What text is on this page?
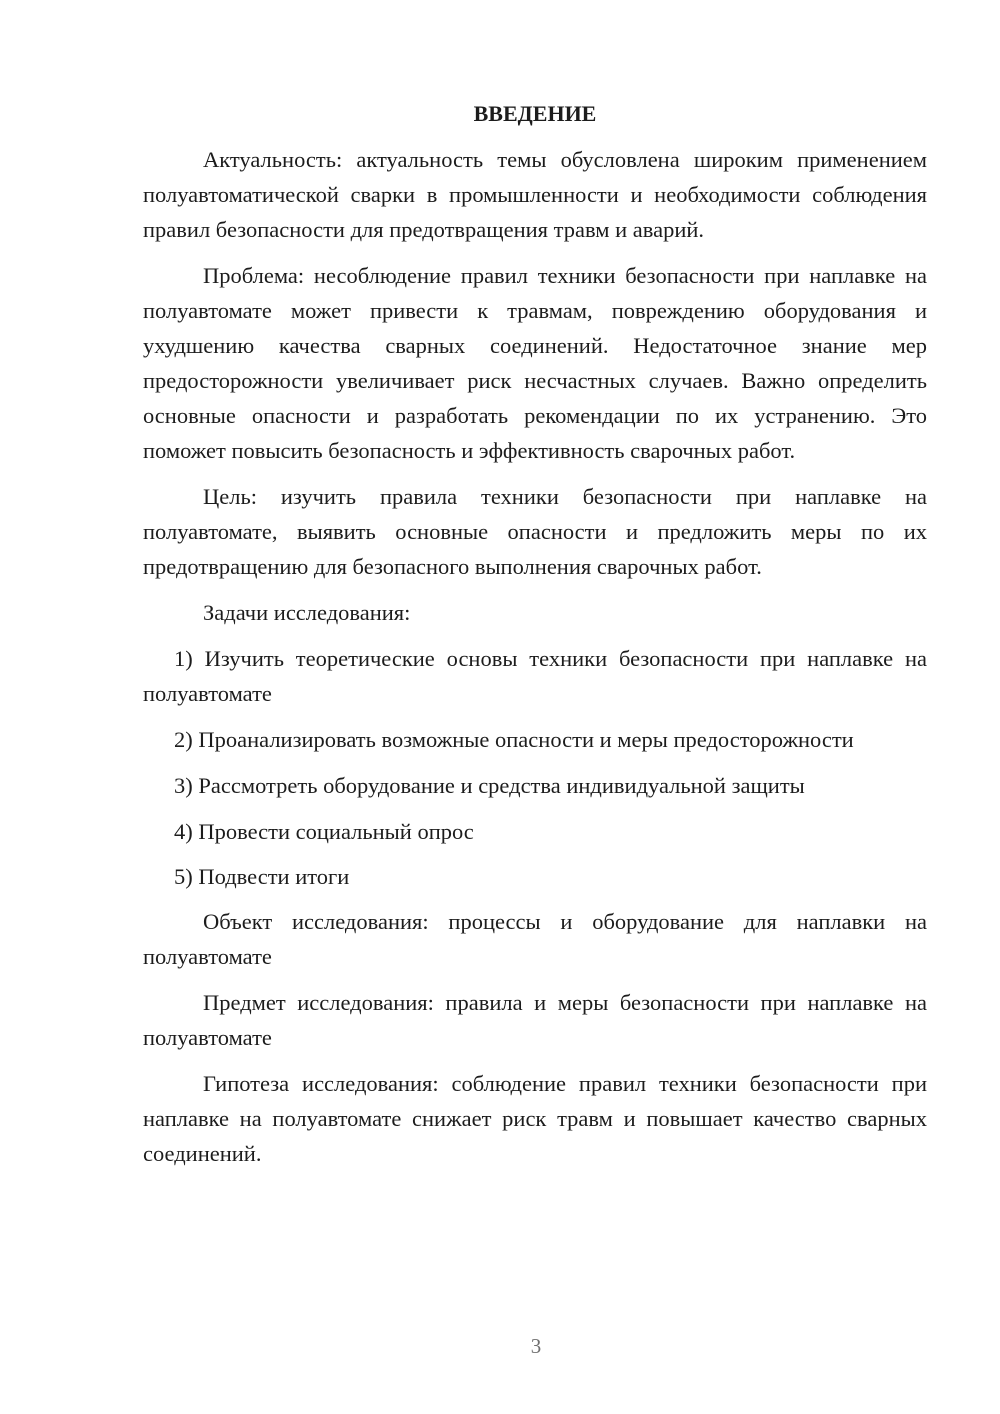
ВВЕДЕНИЕ

Актуальность: актуальность темы обусловлена широким применением полуавтоматической сварки в промышленности и необходимости соблюдения правил безопасности для предотвращения травм и аварий.

Проблема: несоблюдение правил техники безопасности при наплавке на полуавтомате может привести к травмам, повреждению оборудования и ухудшению качества сварных соединений. Недостаточное знание мер предосторожности увеличивает риск несчастных случаев. Важно определить основные опасности и разработать рекомендации по их устранению. Это поможет повысить безопасность и эффективность сварочных работ.

Цель: изучить правила техники безопасности при наплавке на полуавтомате, выявить основные опасности и предложить меры по их предотвращению для безопасного выполнения сварочных работ.

Задачи исследования:

1) Изучить теоретические основы техники безопасности при наплавке на полуавтомате

2) Проанализировать возможные опасности и меры предосторожности

3) Рассмотреть оборудование и средства индивидуальной защиты

4) Провести социальный опрос

5) Подвести итоги

Объект исследования: процессы и оборудование для наплавки на полуавтомате

Предмет исследования: правила и меры безопасности при наплавке на полуавтомате

Гипотеза исследования: соблюдение правил техники безопасности при наплавке на полуавтомате снижает риск травм и повышает качество сварных соединений.

3
